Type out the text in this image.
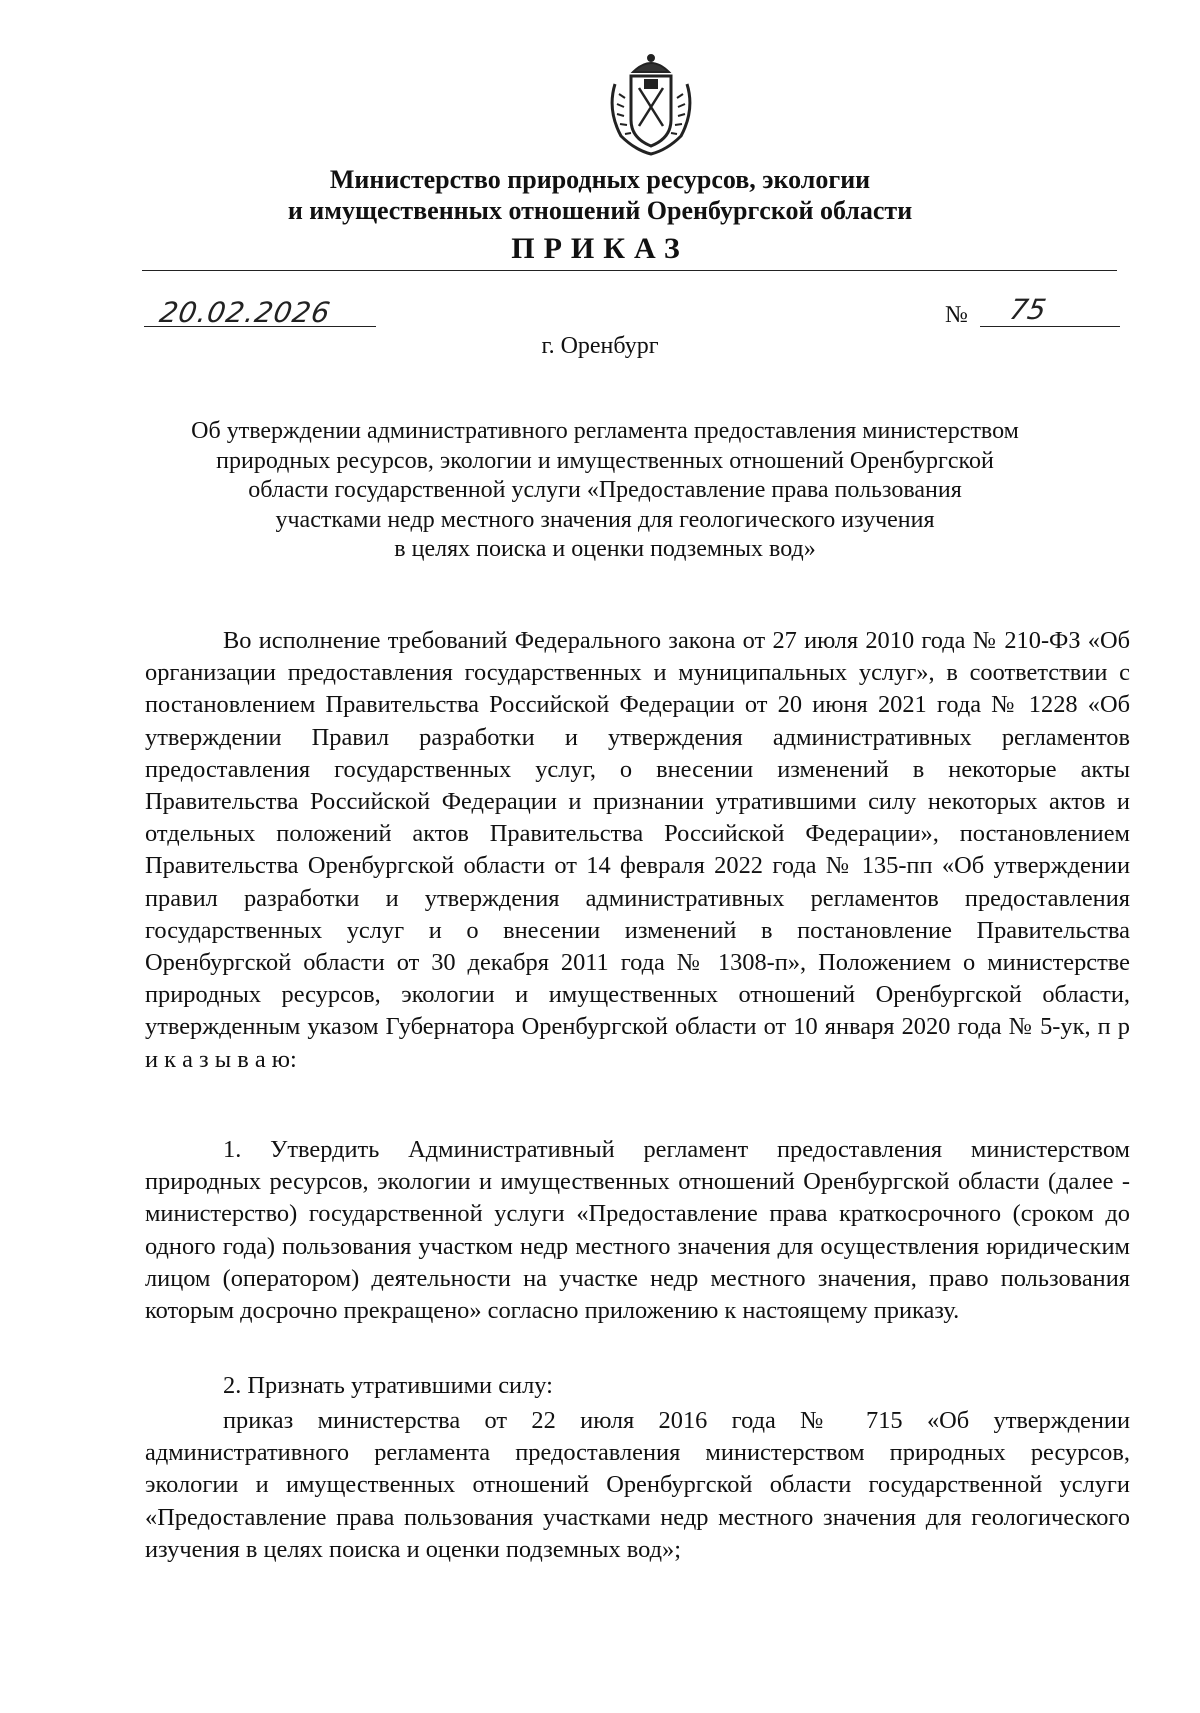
Министерство природных ресурсов, экологии
и имущественных отношений Оренбургской области
ПРИКАЗ
20.02.2026	№ 75
г. Оренбург
Об утверждении административного регламента предоставления министерством
природных ресурсов, экологии и имущественных отношений Оренбургской
области государственной услуги «Предоставление права пользования
участками недр местного значения для геологического изучения
в целях поиска и оценки подземных вод»

Во исполнение требований Федерального закона от 27 июля 2010 года № 210-ФЗ «Об организации предоставления государственных и муниципальных услуг», в соответствии с постановлением Правительства Российской Федерации от 20 июня 2021 года № 1228 «Об утверждении Правил разработки и утверждения административных регламентов предоставления государственных услуг, о внесении изменений в некоторые акты Правительства Российской Федерации и признании утратившими силу некоторых актов и отдельных положений актов Правительства Российской Федерации», постановлением Правительства Оренбургской области от 14 февраля 2022 года № 135-пп «Об утверждении правил разработки и утверждения административных регламентов предоставления государственных услуг и о внесении изменений в постановление Правительства Оренбургской области от 30 декабря 2011 года № 1308-п», Положением о министерстве природных ресурсов, экологии и имущественных отношений Оренбургской области, утвержденным указом Губернатора Оренбургской области от 10 января 2020 года № 5-ук, п р и к а з ы в а ю:

1. Утвердить Административный регламент предоставления министерством природных ресурсов, экологии и имущественных отношений Оренбургской области (далее - министерство) государственной услуги «Предоставление права краткосрочного (сроком до одного года) пользования участком недр местного значения для осуществления юридическим лицом (оператором) деятельности на участке недр местного значения, право пользования которым досрочно прекращено» согласно приложению к настоящему приказу.

2. Признать утратившими силу:

приказ министерства от 22 июля 2016 года № 715 «Об утверждении административного регламента предоставления министерством природных ресурсов, экологии и имущественных отношений Оренбургской области государственной услуги «Предоставление права пользования участками недр местного значения для геологического изучения в целях поиска и оценки подземных вод»;
